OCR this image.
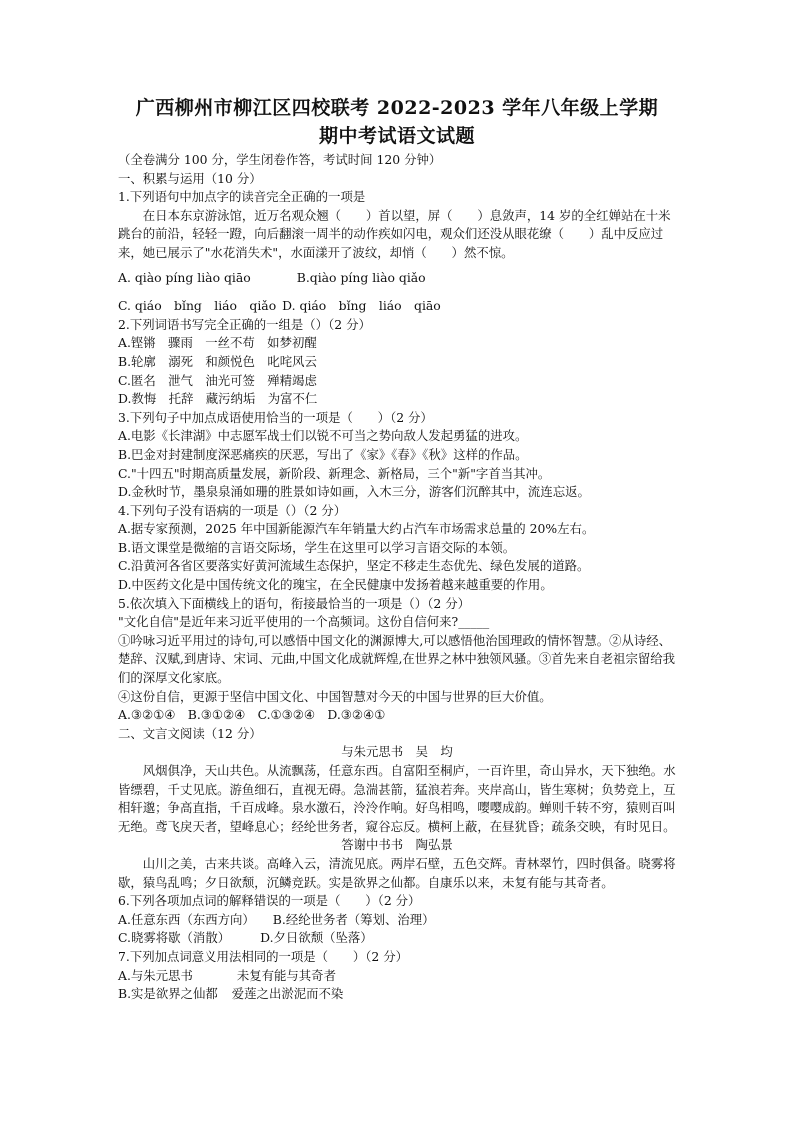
广西柳州市柳江区四校联考 2022-2023 学年八年级上学期
期中考试语文试题
（全卷满分 100 分，学生闭卷作答，考试时间 120 分钟）
一、积累与运用（10 分）
1.下列语句中加点字的读音完全正确的一项是
在日本东京游泳馆，近万名观众翘（　　）首以望，屏（　　）息敛声，14 岁的全红婵站在十米跳台的前沿，轻轻一蹬，向后翻滚一周半的动作疾如闪电，观众们还没从眼花缭（　　）乱中反应过来，她已展示了"水花消失术"，水面漾开了波纹，却悄（　　）然不惊。
A. qiào píng liào qiāo	B.qiào píng liào qiǎo
C. qiáo　bǐng　liáo　qiǎo D. qiáo　bǐng　liáo　qiāo
2.下列词语书写完全正确的一组是（）（2 分）
A.铿锵　骤雨　一丝不苟　如梦初醒
B.轮廓　溺死　和颜悦色　叱咤风云
C.匿名　泄气　油光可签　殚精竭虑
D.教悔　托辞　藏污纳垢　为富不仁
3.下列句子中加点成语使用恰当的一项是（　　）（2 分）
A.电影《长津湖》中志愿军战士们以锐不可当之势向敌人发起勇猛的进攻。
B.巴金对封建制度深恶痛疾的厌恶，写出了《家》《春》《秋》这样的作品。
C."十四五"时期高质量发展，新阶段、新理念、新格局，三个"新"字首当其冲。
D.金秋时节，墨泉泉涌如珊的胜景如诗如画，入木三分，游客们沉醉其中，流连忘返。
4.下列句子没有语病的一项是（）（2 分）
A.据专家预测，2025 年中国新能源汽车年销量大约占汽车市场需求总量的 20%左右。
B.语文课堂是微缩的言语交际场，学生在这里可以学习言语交际的本领。
C.沿黄河各省区要落实好黄河流域生态保护，坚定不移走生态优先、绿色发展的道路。
D.中医药文化是中国传统文化的瑰宝，在全民健康中发扬着越来越重要的作用。
5.依次填入下面横线上的语句，衔接最恰当的一项是（）（2 分）
"文化自信"是近年来习近平使用的一个高频词。这份自信何来?_____
①吟咏习近平用过的诗句,可以感悟中国文化的渊源博大,可以感悟他治国理政的情怀智慧。②从诗经、楚辞、汉赋,到唐诗、宋词、元曲,中国文化成就辉煌,在世界之林中独领风骚。③首先来自老祖宗留给我们的深厚文化家底。
④这份自信，更源于坚信中国文化、中国智慧对今天的中国与世界的巨大价值。
A.③②①④　B.③①②④　C.①③②④　D.③②④①
二、文言文阅读（12 分）
与朱元思书　吴　均
风烟俱净，天山共色。从流飘荡，任意东西。自富阳至桐庐，一百许里，奇山异水，天下独绝。水皆缥碧，千丈见底。游鱼细石，直视无碍。急湍甚箭，猛浪若奔。夹岸高山，皆生寒树；负势竞上，互相轩邈；争高直指，千百成峰。泉水激石，泠泠作响。好鸟相鸣，嘤嘤成韵。蝉则千转不穷，猿则百叫无绝。鸢飞戾天者，望峰息心；经纶世务者，窥谷忘反。横柯上蔽，在昼犹昏；疏条交映，有时见日。
答谢中书书　陶弘景
山川之美，古来共谈。高峰入云，清流见底。两岸石壁，五色交辉。青林翠竹，四时俱备。晓雾将歇，猿鸟乱鸣；夕日欲颓，沉鳞竞跃。实是欲界之仙都。自康乐以来，未复有能与其奇者。
6.下列各项加点词的解释错误的一项是（　　）（2 分）
A.任意东西（东西方向） B.经纶世务者（筹划、治理）
C.晓雾将歇（消散） D.夕日欲颓（坠落）
7.下列加点词意义用法相同的一项是（　　）（2 分）
A.与朱元思书	未复有能与其奇者
B.实是欲界之仙都 爱莲之出淤泥而不染
